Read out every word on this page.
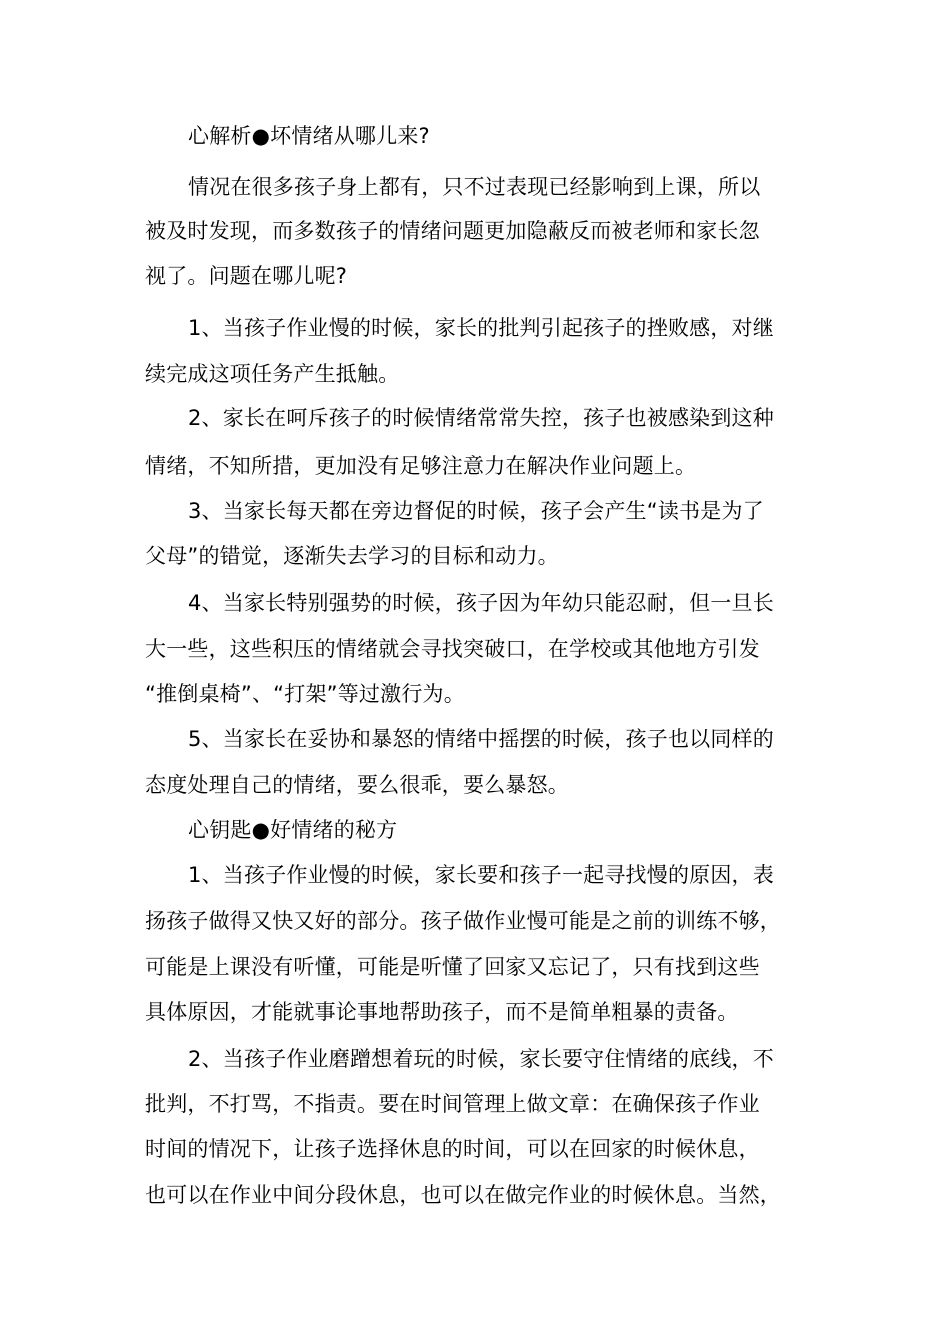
心解析●坏情绪从哪儿来?
情况在很多孩子身上都有，只不过表现已经影响到上课，所以
被及时发现，而多数孩子的情绪问题更加隐蔽反而被老师和家长忽
视了。问题在哪儿呢?
1、当孩子作业慢的时候，家长的批判引起孩子的挫败感，对继
续完成这项任务产生抵触。
2、家长在呵斥孩子的时候情绪常常失控，孩子也被感染到这种
情绪，不知所措，更加没有足够注意力在解决作业问题上。
3、当家长每天都在旁边督促的时候，孩子会产生“读书是为了
父母”的错觉，逐渐失去学习的目标和动力。
4、当家长特别强势的时候，孩子因为年幼只能忍耐，但一旦长
大一些，这些积压的情绪就会寻找突破口，在学校或其他地方引发
“推倒桌椅”、“打架”等过激行为。
5、当家长在妥协和暴怒的情绪中摇摆的时候，孩子也以同样的
态度处理自己的情绪，要么很乖，要么暴怒。
心钥匙●好情绪的秘方
1、当孩子作业慢的时候，家长要和孩子一起寻找慢的原因，表
扬孩子做得又快又好的部分。孩子做作业慢可能是之前的训练不够，
可能是上课没有听懂，可能是听懂了回家又忘记了，只有找到这些
具体原因，才能就事论事地帮助孩子，而不是简单粗暴的责备。
2、当孩子作业磨蹭想着玩的时候，家长要守住情绪的底线，不
批判，不打骂，不指责。要在时间管理上做文章：在确保孩子作业
时间的情况下，让孩子选择休息的时间，可以在回家的时候休息，
也可以在作业中间分段休息，也可以在做完作业的时候休息。当然，
